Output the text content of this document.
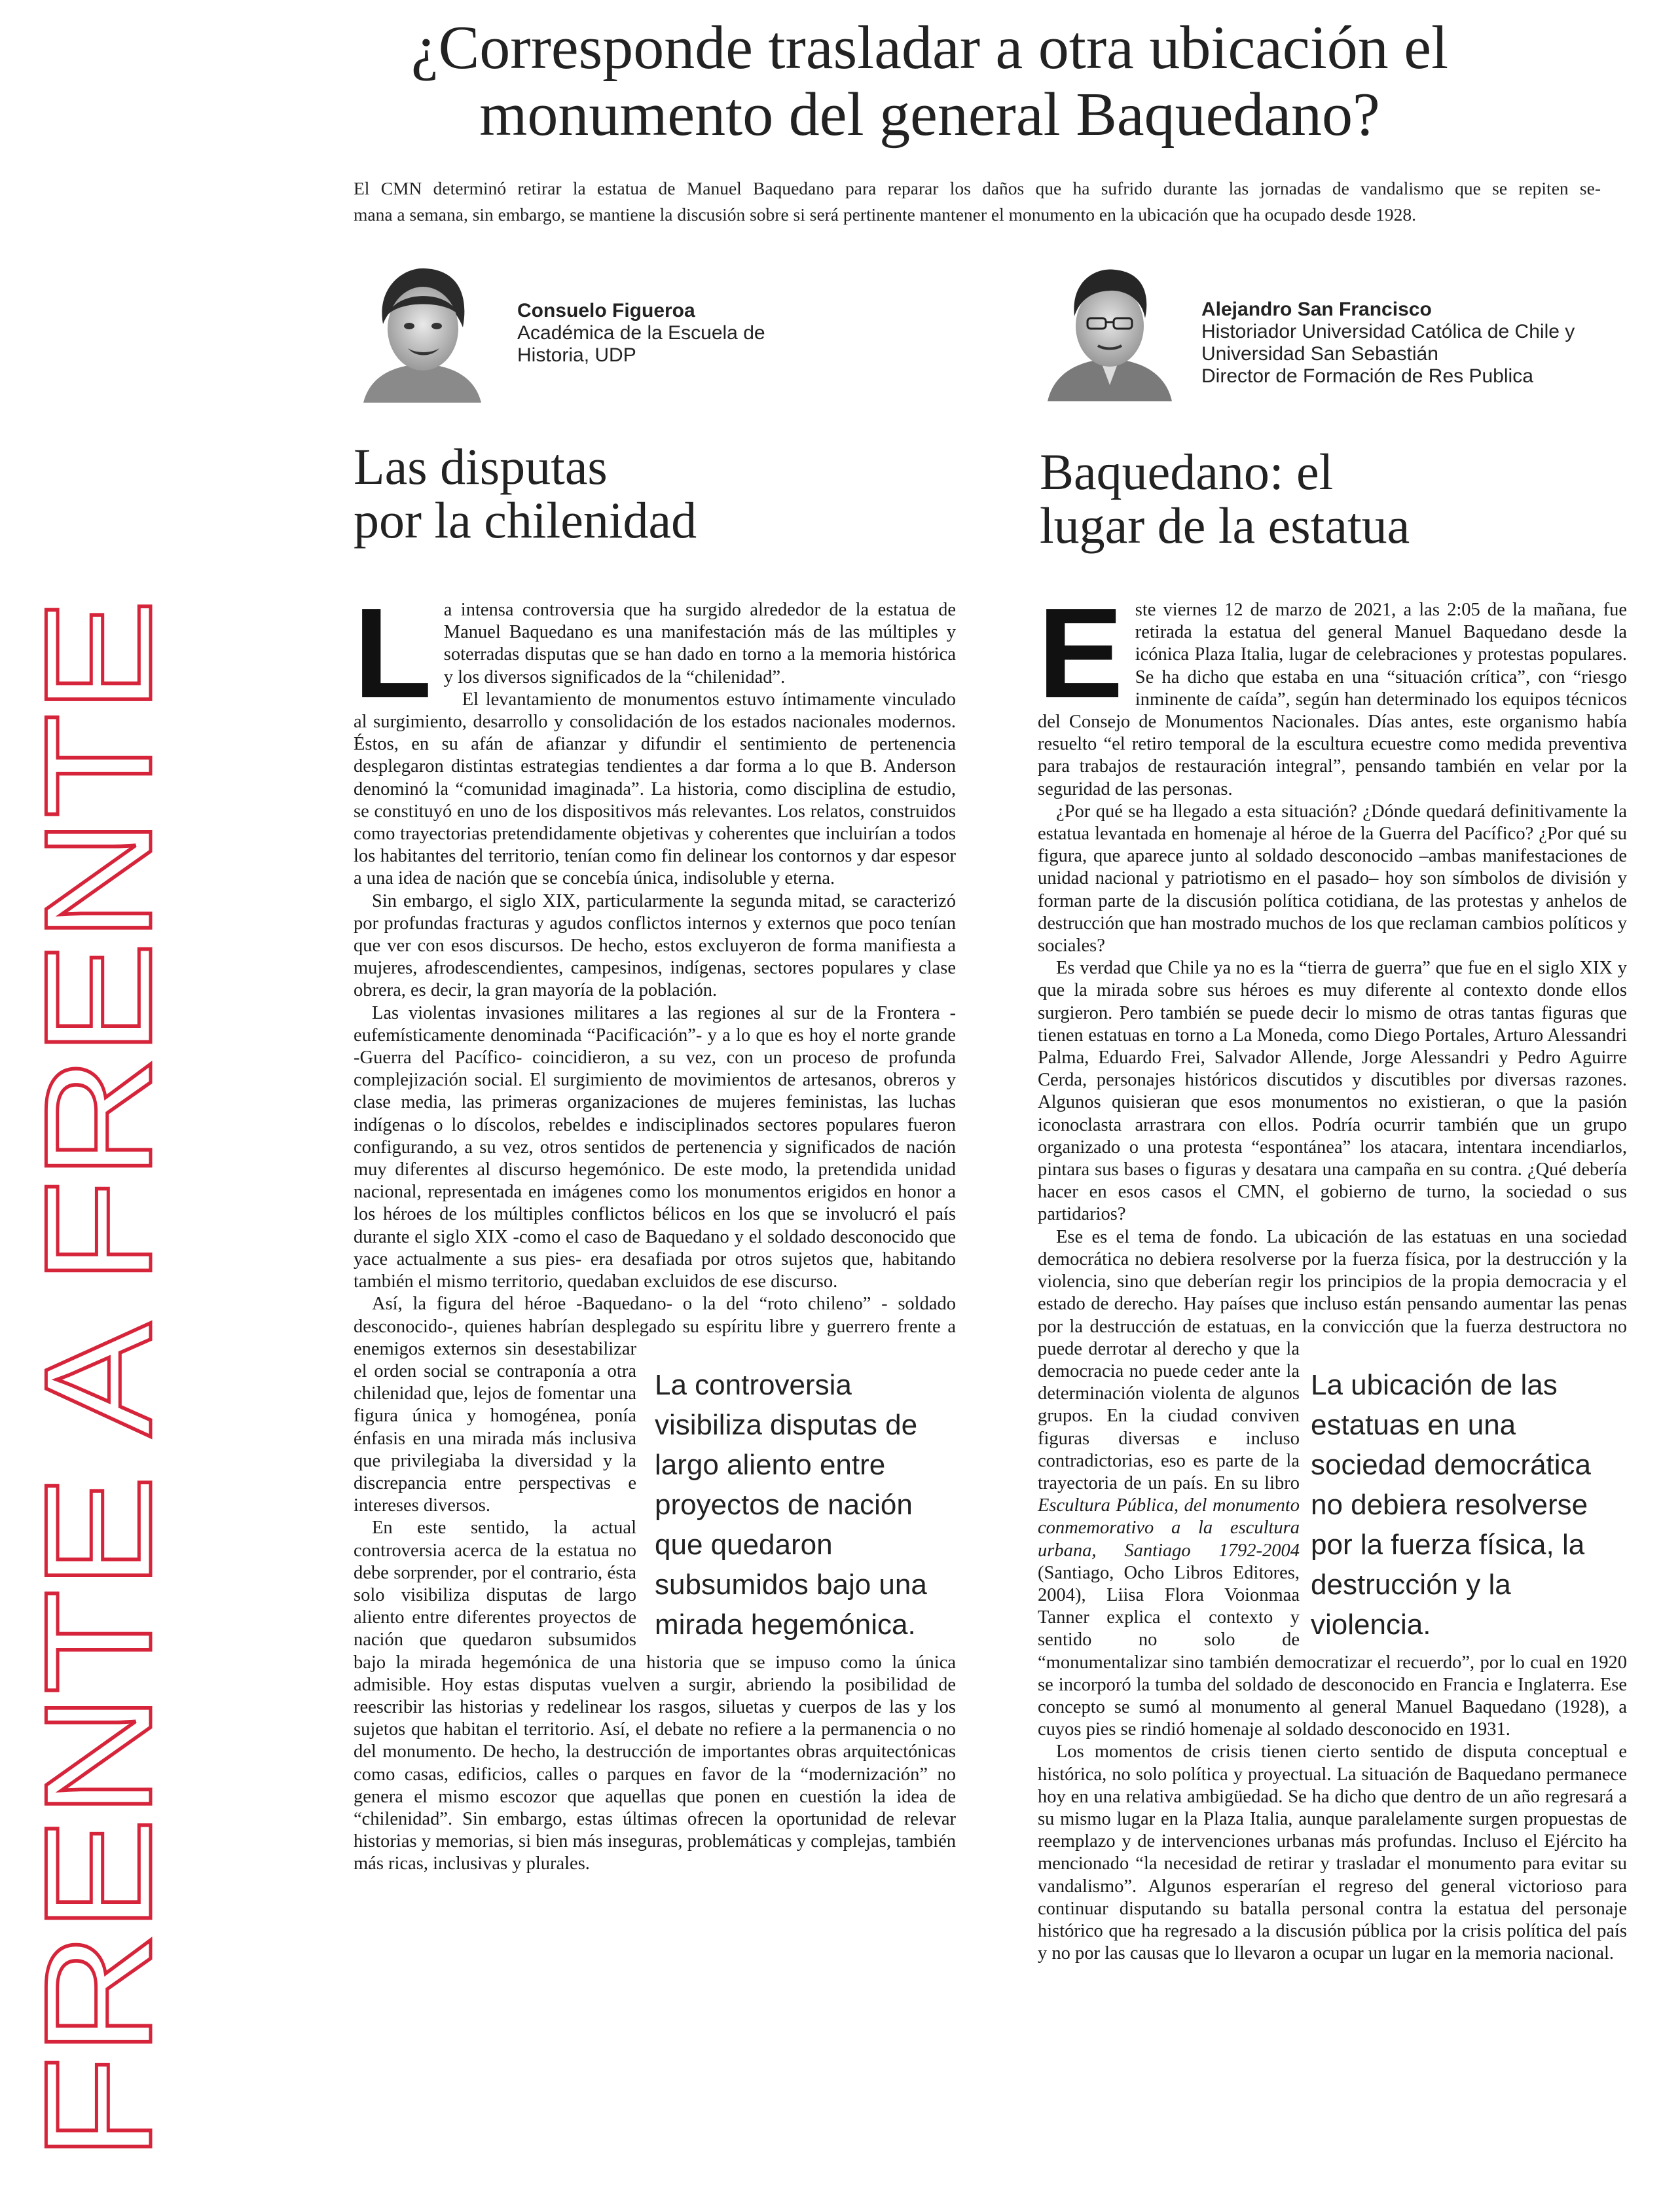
¿Corresponde trasladar a otra ubicación el
monumento del general Baquedano?
El CMN determinó retirar la estatua de Manuel Baquedano para reparar los daños que ha sufrido durante las jornadas de vandalismo que se repiten se-
mana a semana, sin embargo, se mantiene la discusión sobre si será pertinente mantener el monumento en la ubicación que ha ocupado desde 1928.
FRENTE A FRENTE
Consuelo Figueroa
Académica de la Escuela de
Historia, UDP
Alejandro San Francisco
Historiador Universidad Católica de Chile y
Universidad San Sebastián
Director de Formación de Res Publica
Las disputas
por la chilenidad
Baquedano: el
lugar de la estatua

La intensa controversia que ha surgido alrededor de la estatua de Manuel Baquedano es una manifestación más de las múltiples y soterradas disputas que se han dado en torno a la memoria histórica y los diversos significados de la “chilenidad”.

El levantamiento de monumentos estuvo íntimamente vinculado al surgimiento, desarrollo y consolidación de los estados nacionales modernos. Éstos, en su afán de afianzar y difundir el sentimiento de pertenencia desplegaron distintas estrategias tendientes a dar forma a lo que B. Anderson denominó la “comunidad imaginada”. La historia, como disciplina de estudio, se constituyó en uno de los dispositivos más relevantes. Los relatos, construidos como trayectorias pretendidamente objetivas y coherentes que incluirían a todos los habitantes del territorio, tenían como fin delinear los contornos y dar espesor a una idea de nación que se concebía única, indisoluble y eterna.

Sin embargo, el siglo XIX, particularmente la segunda mitad, se caracterizó por profundas fracturas y agudos conflictos internos y externos que poco tenían que ver con esos discursos. De hecho, estos excluyeron de forma manifiesta a mujeres, afrodescendientes, campesinos, indígenas, sectores populares y clase obrera, es decir, la gran mayoría de la población.

Las violentas invasiones militares a las regiones al sur de la Frontera - eufemísticamente denominada “Pacificación”- y a lo que es hoy el norte grande -Guerra del Pacífico- coincidieron, a su vez, con un proceso de profunda complejización social. El surgimiento de movimientos de artesanos, obreros y clase media, las primeras organizaciones de mujeres feministas, las luchas indígenas o lo díscolos, rebeldes e indisciplinados sectores populares fueron configurando, a su vez, otros sentidos de pertenencia y significados de nación muy diferentes al discurso hegemónico. De este modo, la pretendida unidad nacional, representada en imágenes como los monumentos erigidos en honor a los héroes de los múltiples conflictos bélicos en los que se involucró el país durante el siglo XIX -como el caso de Baquedano y el soldado desconocido que yace actualmente a sus pies- era desafiada por otros sujetos que, habitando también el mismo territorio, quedaban excluidos de ese discurso.

Así, la figura del héroe -Baquedano- o la del “roto chileno” - soldado desconocido-, quienes habrían desplegado su espíritu libre y guerrero frente a enemigos externos sin desestabilizar el orden social se contraponía a otra chilenidad que, lejos de fomentar una figura única y homogénea, ponía énfasis en una mirada más inclusiva que privilegiaba la diversidad y la discrepancia entre perspectivas e intereses diversos.

En este sentido, la actual controversia acerca de la estatua no debe sorprender, por el contrario, ésta solo visibiliza disputas de largo aliento entre diferentes proyectos de nación que quedaron subsumidos bajo la mirada hegemónica de una historia que se impuso como la única admisible. Hoy estas disputas vuelven a surgir, abriendo la posibilidad de reescribir las historias y redelinear los rasgos, siluetas y cuerpos de las y los sujetos que habitan el territorio. Así, el debate no refiere a la permanencia o no del monumento. De hecho, la destrucción de importantes obras arquitectónicas como casas, edificios, calles o parques en favor de la “modernización” no genera el mismo escozor que aquellas que ponen en cuestión la idea de “chilenidad”. Sin embargo, estas últimas ofrecen la oportunidad de relevar historias y memorias, si bien más inseguras, problemáticas y complejas, también más ricas, inclusivas y plurales.

La controversia visibiliza disputas de largo aliento entre proyectos de nación que quedaron subsumidos bajo una mirada hegemónica.

Este viernes 12 de marzo de 2021, a las 2:05 de la mañana, fue retirada la estatua del general Manuel Baquedano desde la icónica Plaza Italia, lugar de celebraciones y protestas populares. Se ha dicho que estaba en una “situación crítica”, con “riesgo inminente de caída”, según han determinado los equipos técnicos del Consejo de Monumentos Nacionales. Días antes, este organismo había resuelto “el retiro temporal de la escultura ecuestre como medida preventiva para trabajos de restauración integral”, pensando también en velar por la seguridad de las personas.

¿Por qué se ha llegado a esta situación? ¿Dónde quedará definitivamente la estatua levantada en homenaje al héroe de la Guerra del Pacífico? ¿Por qué su figura, que aparece junto al soldado desconocido –ambas manifestaciones de unidad nacional y patriotismo en el pasado– hoy son símbolos de división y forman parte de la discusión política cotidiana, de las protestas y anhelos de destrucción que han mostrado muchos de los que reclaman cambios políticos y sociales?

Es verdad que Chile ya no es la “tierra de guerra” que fue en el siglo XIX y que la mirada sobre sus héroes es muy diferente al contexto donde ellos surgieron. Pero también se puede decir lo mismo de otras tantas figuras que tienen estatuas en torno a La Moneda, como Diego Portales, Arturo Alessandri Palma, Eduardo Frei, Salvador Allende, Jorge Alessandri y Pedro Aguirre Cerda, personajes históricos discutidos y discutibles por diversas razones. Algunos quisieran que esos monumentos no existieran, o que la pasión iconoclasta arrastrara con ellos. Podría ocurrir también que un grupo organizado o una protesta “espontánea” los atacara, intentara incendiarlos, pintara sus bases o figuras y desatara una campaña en su contra. ¿Qué debería hacer en esos casos el CMN, el gobierno de turno, la sociedad o sus partidarios?

Ese es el tema de fondo. La ubicación de las estatuas en una sociedad democrática no debiera resolverse por la fuerza física, por la destrucción y la violencia, sino que deberían regir los principios de la propia democracia y el estado de derecho. Hay países que incluso están pensando aumentar las penas por la destrucción de estatuas, en la convicción que la fuerza destructora no puede derrotar al derecho y que la democracia no puede ceder ante la determinación violenta de algunos grupos. En la ciudad conviven figuras diversas e incluso contradictorias, eso es parte de la trayectoria de un país. En su libro Escultura Pública, del monumento conmemorativo a la escultura urbana, Santiago 1792-2004 (Santiago, Ocho Libros Editores, 2004), Liisa Flora Voionmaa Tanner explica el contexto y sentido no solo de “monumentalizar sino también democratizar el recuerdo”, por lo cual en 1920 se incorporó la tumba del soldado de desconocido en Francia e Inglaterra. Ese concepto se sumó al monumento al general Manuel Baquedano (1928), a cuyos pies se rindió homenaje al soldado desconocido en 1931.

Los momentos de crisis tienen cierto sentido de disputa conceptual e histórica, no solo política y proyectual. La situación de Baquedano permanece hoy en una relativa ambigüedad. Se ha dicho que dentro de un año regresará a su mismo lugar en la Plaza Italia, aunque paralelamente surgen propuestas de reemplazo y de intervenciones urbanas más profundas. Incluso el Ejército ha mencionado “la necesidad de retirar y trasladar el monumento para evitar su vandalismo”. Algunos esperarían el regreso del general victorioso para continuar disputando su batalla personal contra la estatua del personaje histórico que ha regresado a la discusión pública por la crisis política del país y no por las causas que lo llevaron a ocupar un lugar en la memoria nacional.

La ubicación de las estatuas en una sociedad democrática no debiera resolverse por la fuerza física, la destrucción y la violencia.
